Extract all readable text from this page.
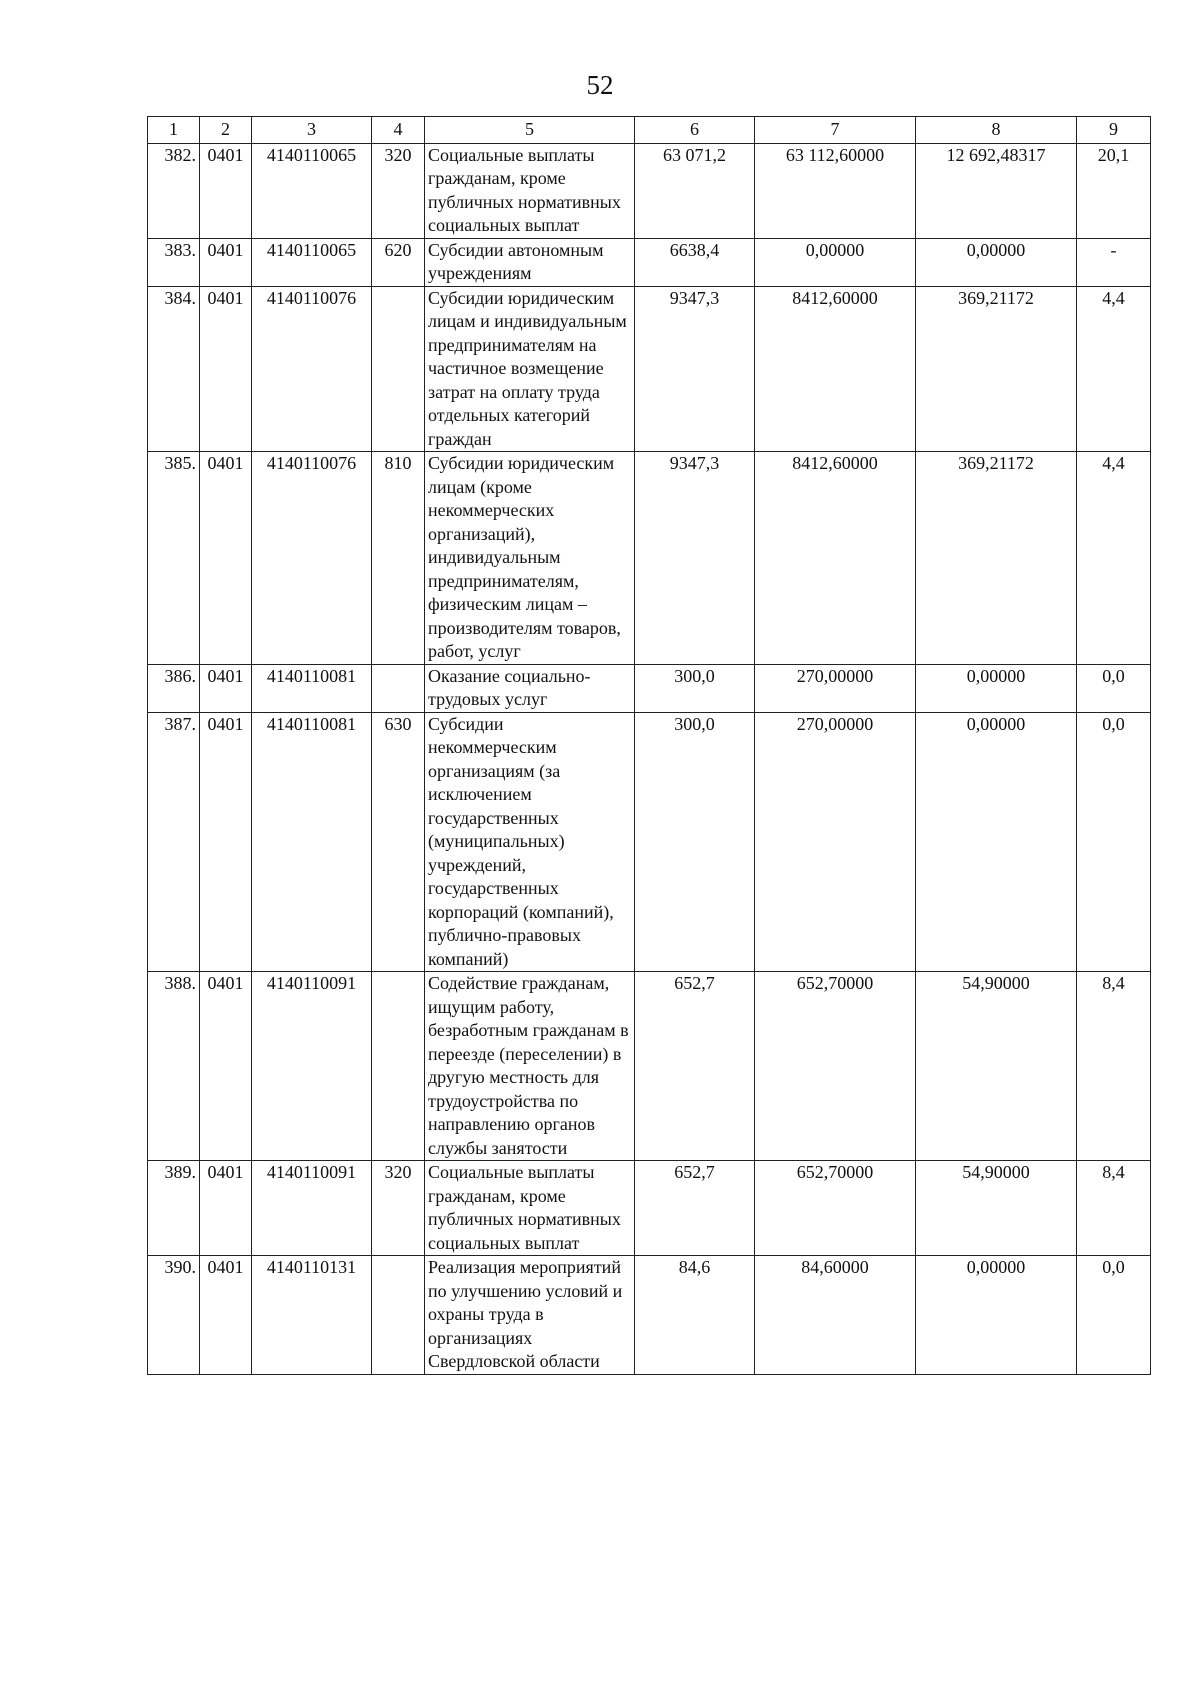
52
1	2	3	4	5	6	7	8	9
382.	0401	4140110065	320	Социальные выплаты гражданам, кроме публичных нормативных социальных выплат	63 071,2	63 112,60000	12 692,48317	20,1
383.	0401	4140110065	620	Субсидии автономным учреждениям	6638,4	0,00000	0,00000	-
384.	0401	4140110076		Субсидии юридическим лицам и индивидуальным предпринимателям на частичное возмещение затрат на оплату труда отдельных категорий граждан	9347,3	8412,60000	369,21172	4,4
385.	0401	4140110076	810	Субсидии юридическим лицам (кроме некоммерческих организаций), индивидуальным предпринимателям, физическим лицам – производителям товаров, работ, услуг	9347,3	8412,60000	369,21172	4,4
386.	0401	4140110081		Оказание социально-трудовых услуг	300,0	270,00000	0,00000	0,0
387.	0401	4140110081	630	Субсидии некоммерческим организациям (за исключением государственных (муниципальных) учреждений, государственных корпораций (компаний), публично-правовых компаний)	300,0	270,00000	0,00000	0,0
388.	0401	4140110091		Содействие гражданам, ищущим работу, безработным гражданам в переезде (переселении) в другую местность для трудоустройства по направлению органов службы занятости	652,7	652,70000	54,90000	8,4
389.	0401	4140110091	320	Социальные выплаты гражданам, кроме публичных нормативных социальных выплат	652,7	652,70000	54,90000	8,4
390.	0401	4140110131		Реализация мероприятий по улучшению условий и охраны труда в организациях Свердловской области	84,6	84,60000	0,00000	0,0
